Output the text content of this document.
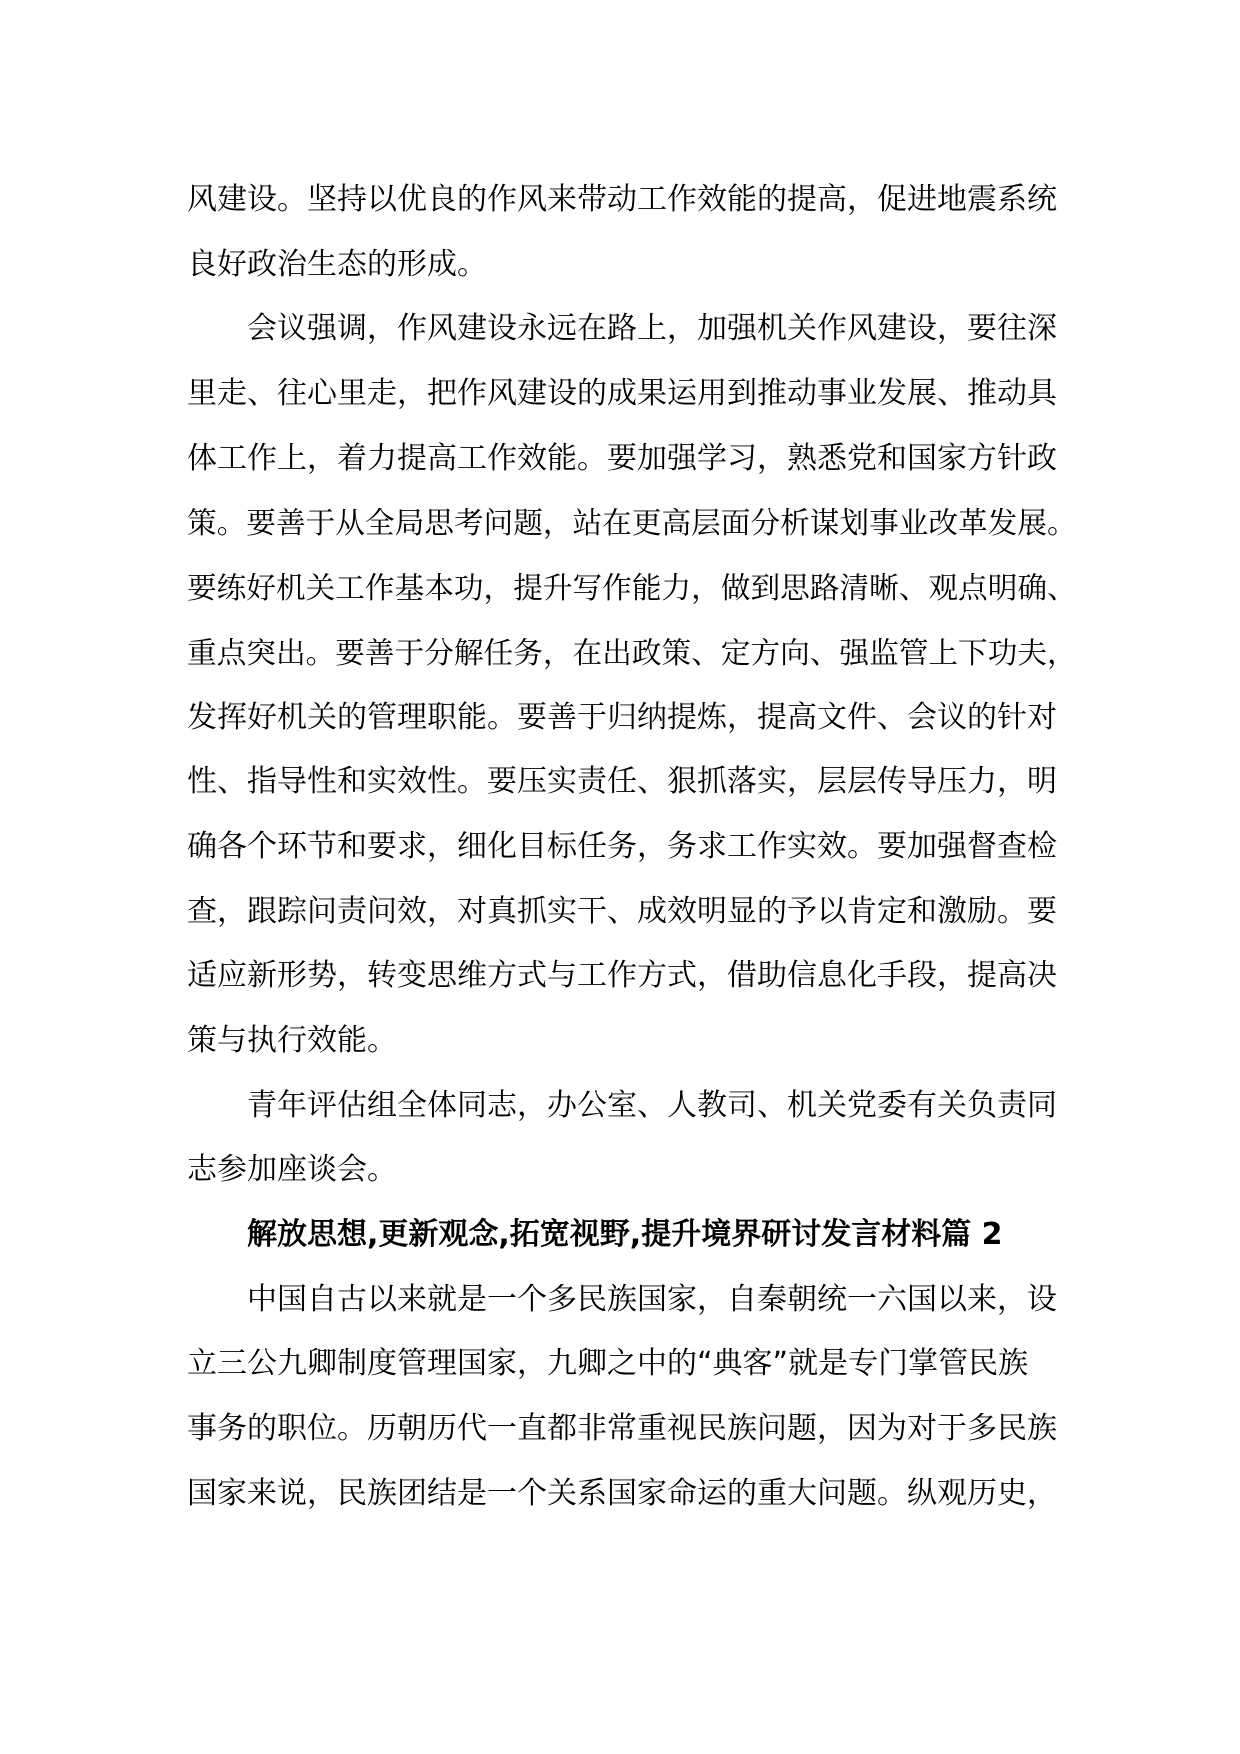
风建设。坚持以优良的作风来带动工作效能的提高，促进地震系统
良好政治生态的形成。
会议强调，作风建设永远在路上，加强机关作风建设，要往深
里走、往心里走，把作风建设的成果运用到推动事业发展、推动具
体工作上，着力提高工作效能。要加强学习，熟悉党和国家方针政
策。要善于从全局思考问题，站在更高层面分析谋划事业改革发展。
要练好机关工作基本功，提升写作能力，做到思路清晰、观点明确、
重点突出。要善于分解任务，在出政策、定方向、强监管上下功夫，
发挥好机关的管理职能。要善于归纳提炼，提高文件、会议的针对
性、指导性和实效性。要压实责任、狠抓落实，层层传导压力，明
确各个环节和要求，细化目标任务，务求工作实效。要加强督查检
查，跟踪问责问效，对真抓实干、成效明显的予以肯定和激励。要
适应新形势，转变思维方式与工作方式，借助信息化手段，提高决
策与执行效能。
青年评估组全体同志，办公室、人教司、机关党委有关负责同
志参加座谈会。
解放思想,更新观念,拓宽视野,提升境界研讨发言材料篇 2
中国自古以来就是一个多民族国家，自秦朝统一六国以来，设
立三公九卿制度管理国家，九卿之中的“典客”就是专门掌管民族
事务的职位。历朝历代一直都非常重视民族问题，因为对于多民族
国家来说，民族团结是一个关系国家命运的重大问题。纵观历史，
